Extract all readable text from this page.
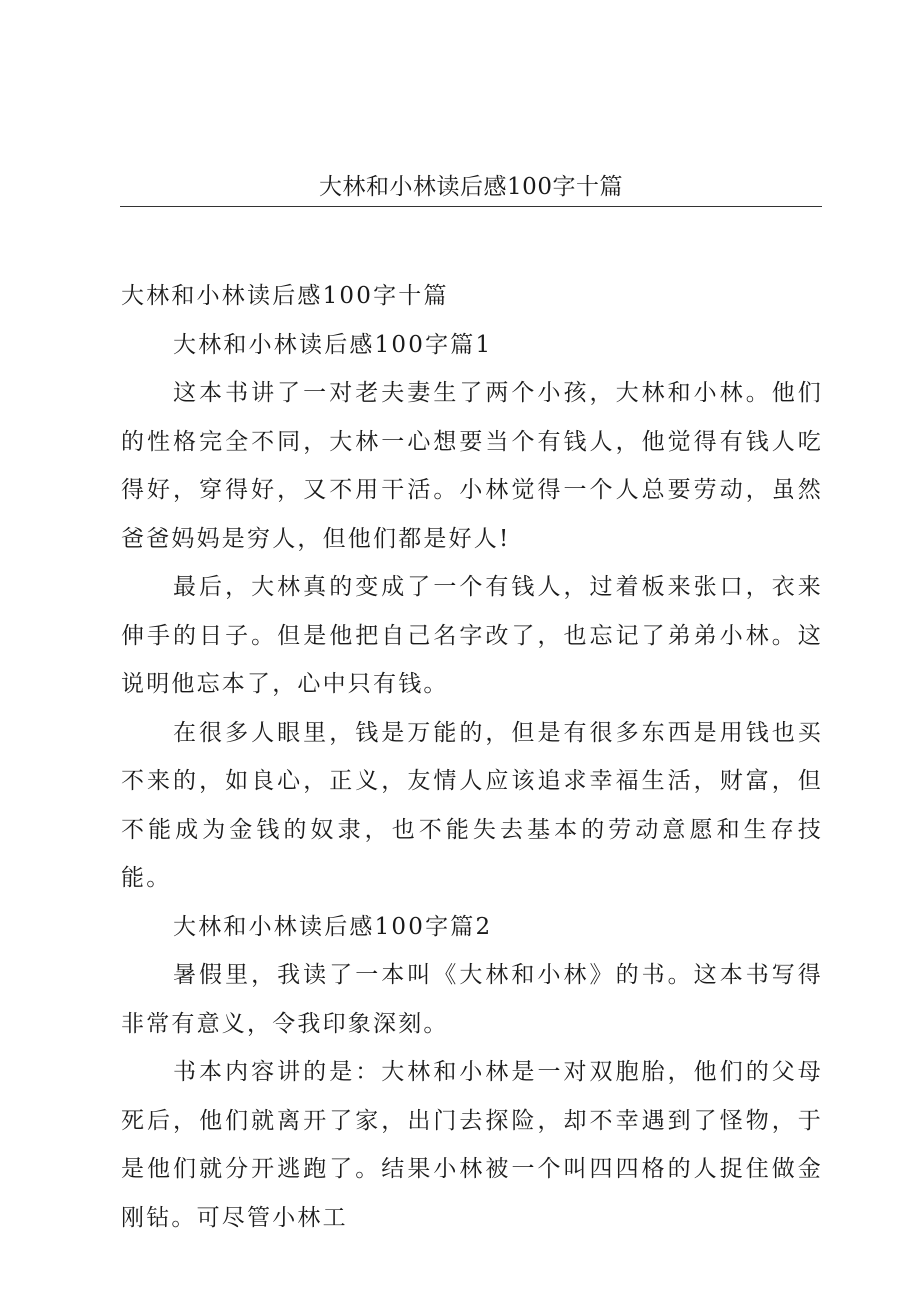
大林和小林读后感100字十篇

大林和小林读后感100字十篇

大林和小林读后感100字篇1

这本书讲了一对老夫妻生了两个小孩，大林和小林。他们的性格完全不同，大林一心想要当个有钱人，他觉得有钱人吃得好，穿得好，又不用干活。小林觉得一个人总要劳动，虽然爸爸妈妈是穷人，但他们都是好人!

最后，大林真的变成了一个有钱人，过着板来张口，衣来伸手的日子。但是他把自己名字改了，也忘记了弟弟小林。这说明他忘本了，心中只有钱。

在很多人眼里，钱是万能的，但是有很多东西是用钱也买不来的，如良心，正义，友情人应该追求幸福生活，财富，但不能成为金钱的奴隶，也不能失去基本的劳动意愿和生存技能。

大林和小林读后感100字篇2

暑假里，我读了一本叫《大林和小林》的书。这本书写得非常有意义，令我印象深刻。

书本内容讲的是：大林和小林是一对双胞胎，他们的父母死后，他们就离开了家，出门去探险，却不幸遇到了怪物，于是他们就分开逃跑了。结果小林被一个叫四四格的人捉住做金刚钻。可尽管小林工
